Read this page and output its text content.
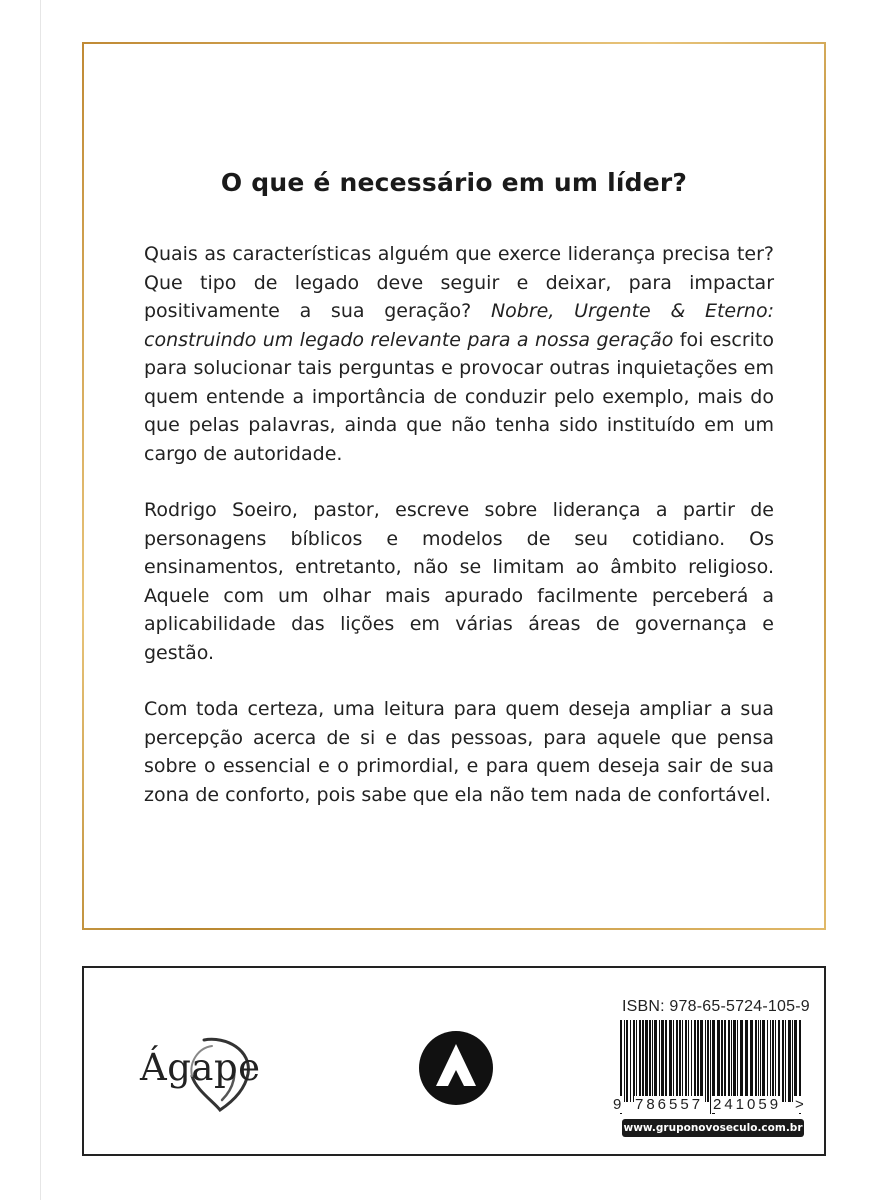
O que é necessário em um líder?

Quais as características alguém que exerce liderança precisa ter? Que tipo de legado deve seguir e deixar, para impactar positivamente a sua geração? Nobre, Urgente & Eterno: construindo um legado relevante para a nossa geração foi escrito para solucionar tais perguntas e provocar outras inquietações em quem entende a importância de conduzir pelo exemplo, mais do que pelas palavras, ainda que não tenha sido instituído em um cargo de autoridade.

Rodrigo Soeiro, pastor, escreve sobre liderança a partir de personagens bíblicos e modelos de seu cotidiano. Os ensinamentos, entretanto, não se limitam ao âmbito religioso. Aquele com um olhar mais apurado facilmente perceberá a aplicabilidade das lições em várias áreas de governança e gestão.

Com toda certeza, uma leitura para quem deseja ampliar a sua percepção acerca de si e das pessoas, para aquele que pensa sobre o essencial e o primordial, e para quem deseja sair de sua zona de conforto, pois sabe que ela não tem nada de confortável.

Ágape
ISBN: 978-65-5724-105-9
9 786557 241059 >
www.gruponovoseculo.com.br
